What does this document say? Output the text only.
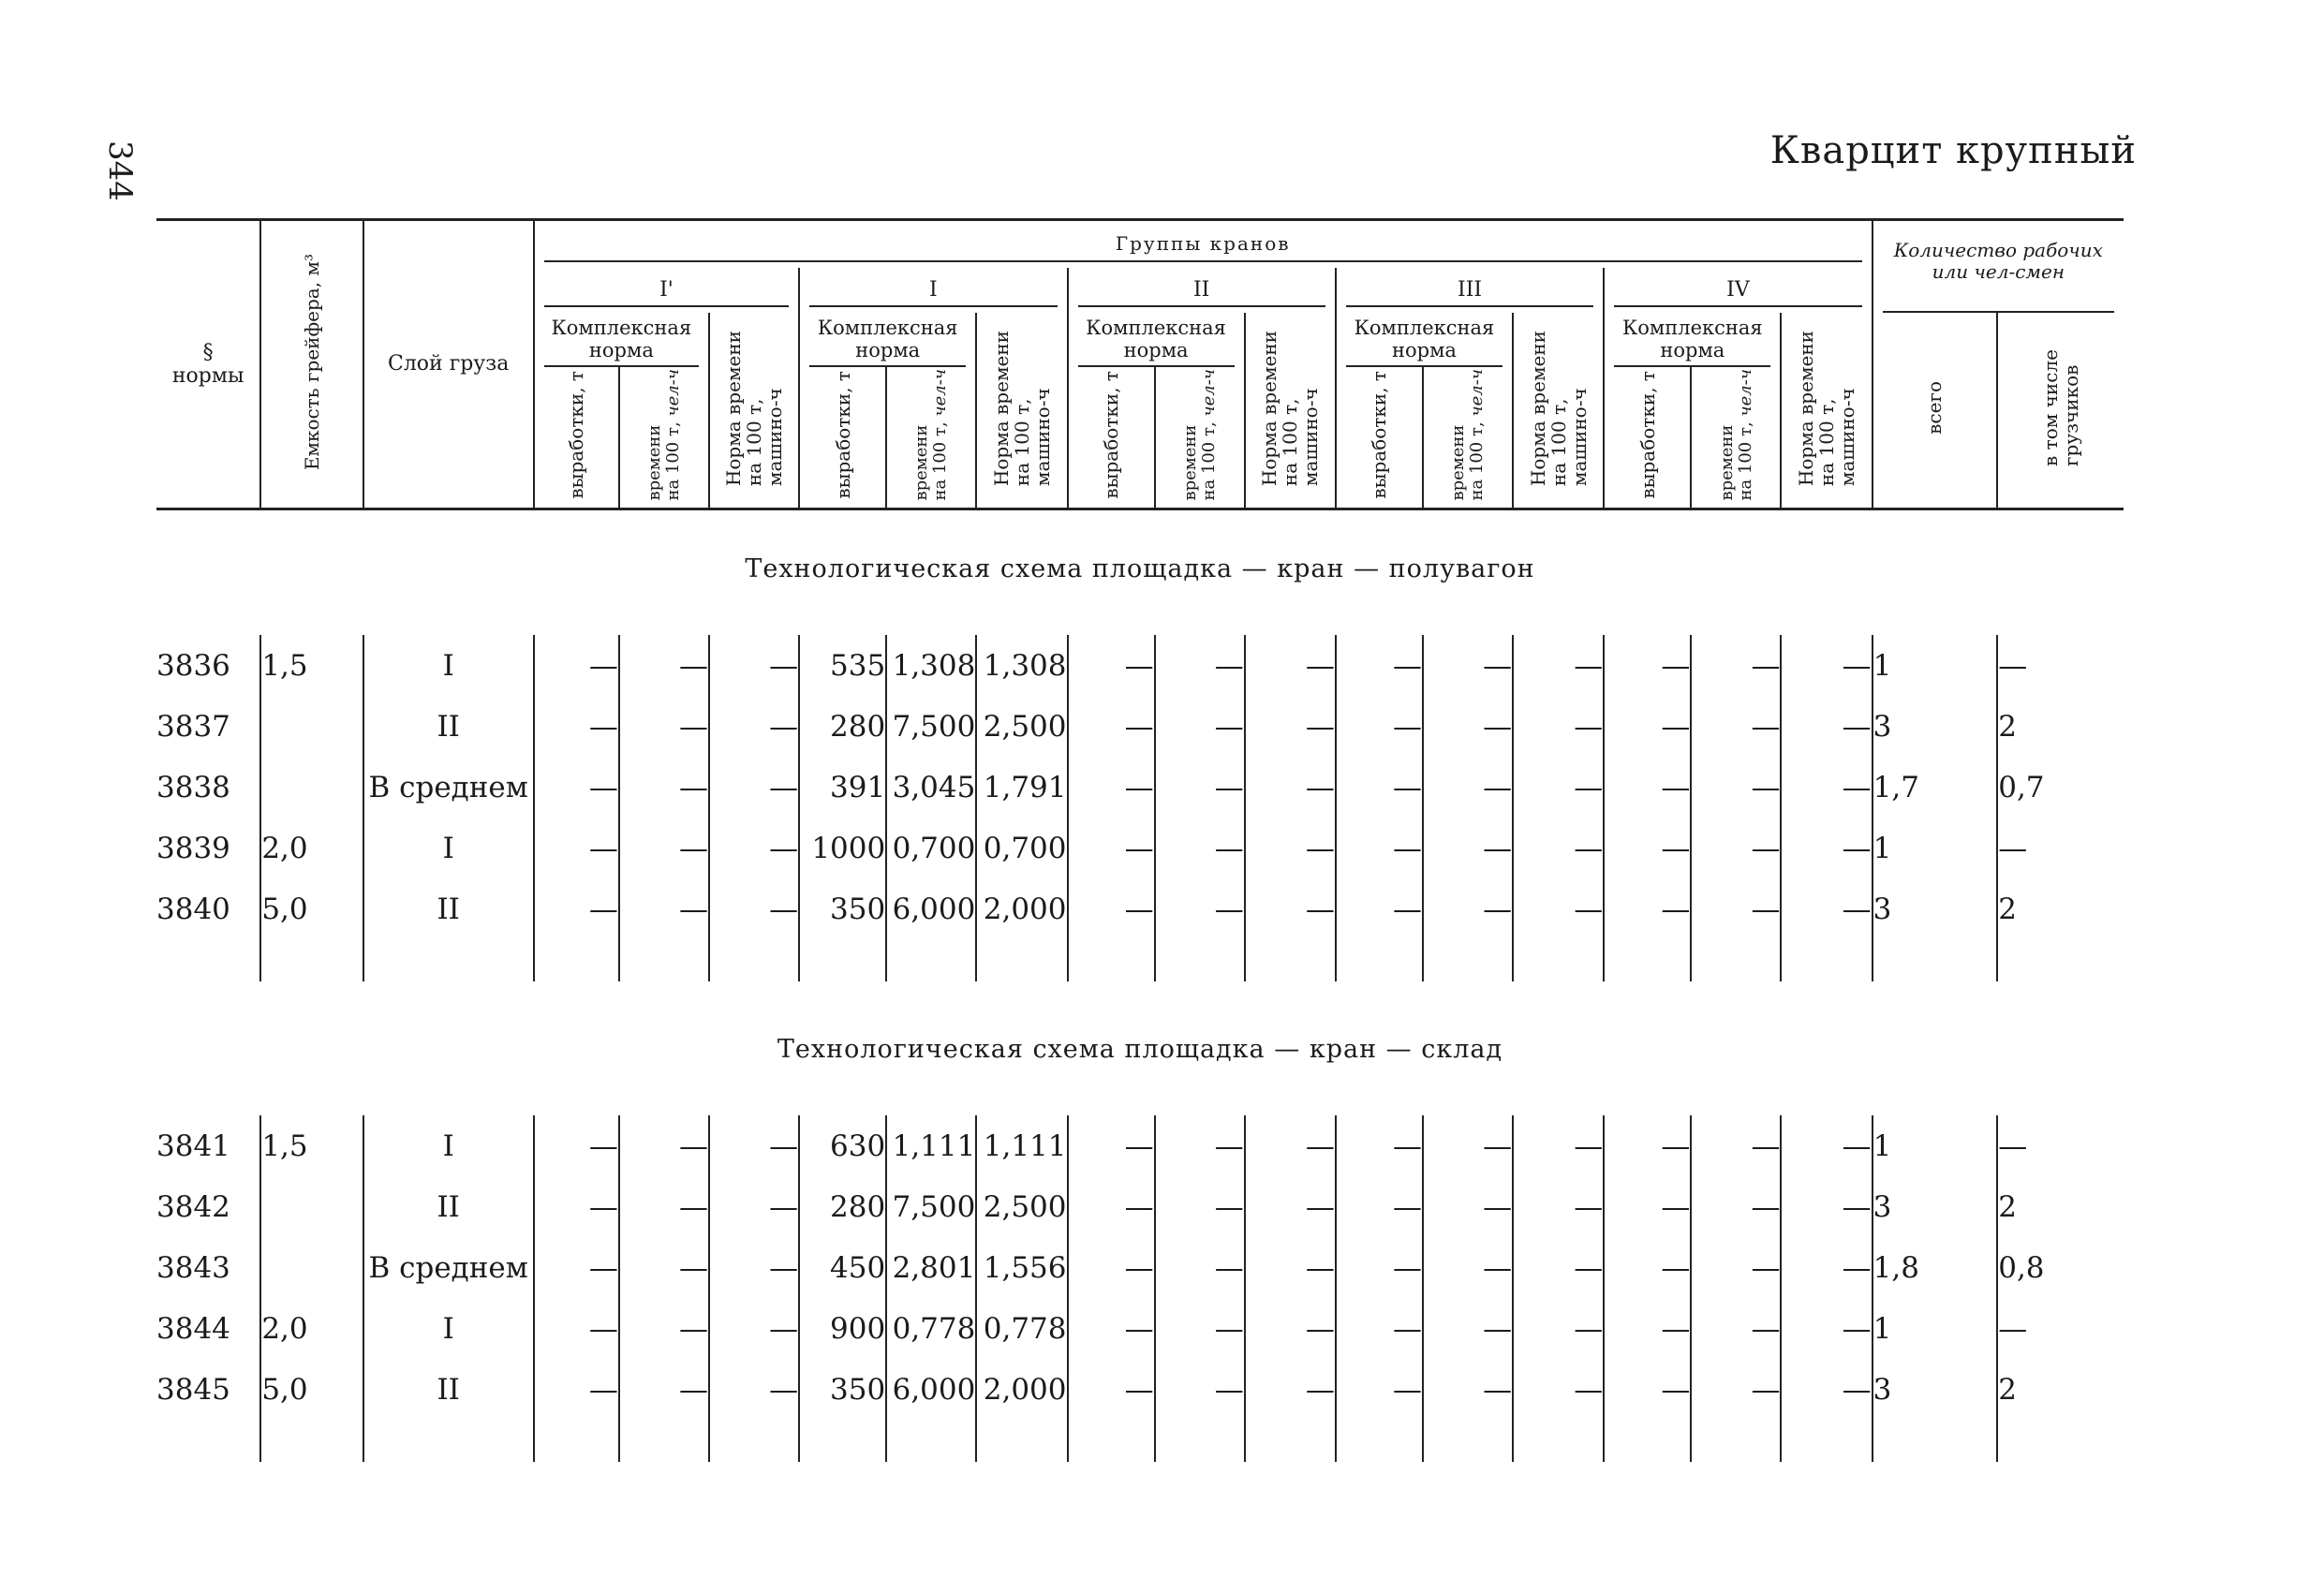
344	Кварцит крупный
§
нормы	Емкость грейфера, м³	Слой груза	Группы кранов															Количество рабочих
или чел-смен	

			I'			I			II			III			IV				

			Комплексная
норма		Норма времени
на 100 т,
машино-ч	Комплексная
норма		Норма времени
на 100 т,
машино-ч	Комплексная
норма		Норма времени
на 100 т,
машино-ч	Комплексная
норма		Норма времени
на 100 т,
машино-ч	Комплексная
норма		Норма времени
на 100 т,
машино-ч	всего	в том числе
грузчиков
			выработки, т	времени
на 100 т, чел-ч		выработки, т	времени
на 100 т, чел-ч		выработки, т	времени
на 100 т, чел-ч		выработки, т	времени
на 100 т, чел-ч		выработки, т	времени
на 100 т, чел-ч			

Технологическая схема площадка — кран — полувагон																			
3836	1,5	I	—	—	—	535	1,308	1,308	—	—	—	—	—	—	—	—	—	1	—
3837		II	—	—	—	280	7,500	2,500	—	—	—	—	—	—	—	—	—	3	2
3838		В среднем	—	—	—	391	3,045	1,791	—	—	—	—	—	—	—	—	—	1,7	0,7
3839	2,0	I	—	—	—	1000	0,700	0,700	—	—	—	—	—	—	—	—	—	1	—
3840	5,0	II	—	—	—	350	6,000	2,000	—	—	—	—	—	—	—	—	—	3	2

Технологическая схема площадка — кран — склад																			
3841	1,5	I	—	—	—	630	1,111	1,111	—	—	—	—	—	—	—	—	—	1	—
3842		II	—	—	—	280	7,500	2,500	—	—	—	—	—	—	—	—	—	3	2
3843		В среднем	—	—	—	450	2,801	1,556	—	—	—	—	—	—	—	—	—	1,8	0,8
3844	2,0	I	—	—	—	900	0,778	0,778	—	—	—	—	—	—	—	—	—	1	—
3845	5,0	II	—	—	—	350	6,000	2,000	—	—	—	—	—	—	—	—	—	3	2
